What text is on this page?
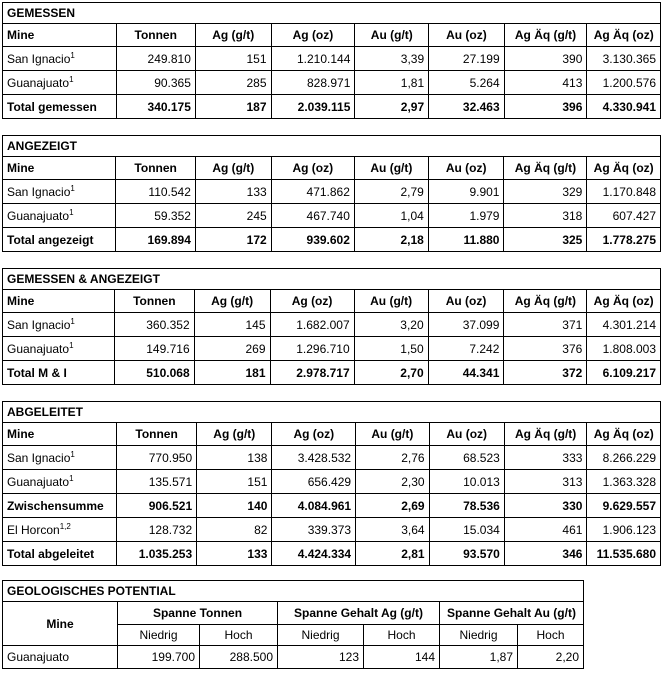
GEMESSEN							
Mine	Tonnen	Ag (g/t)	Ag (oz)	Au (g/t)	Au (oz)	Ag Äq (g/t)	Ag Äq (oz)
San Ignacio$^1$	249.810	151	1.210.144	3,39	27.199	390	3.130.365
Guanajuato$^1$	90.365	285	828.971	1,81	5.264	413	1.200.576
Total gemessen	340.175	187	2.039.115	2,97	32.463	396	4.330.941
ANGEZEIGT							
Mine	Tonnen	Ag (g/t)	Ag (oz)	Au (g/t)	Au (oz)	Ag Äq (g/t)	Ag Äq (oz)
San Ignacio$^1$	110.542	133	471.862	2,79	9.901	329	1.170.848
Guanajuato$^1$	59.352	245	467.740	1,04	1.979	318	607.427
Total angezeigt	169.894	172	939.602	2,18	11.880	325	1.778.275
GEMESSEN & ANGEZEIGT							
Mine	Tonnen	Ag (g/t)	Ag (oz)	Au (g/t)	Au (oz)	Ag Äq (g/t)	Ag Äq (oz)
San Ignacio$^1$	360.352	145	1.682.007	3,20	37.099	371	4.301.214
Guanajuato$^1$	149.716	269	1.296.710	1,50	7.242	376	1.808.003
Total M & I	510.068	181	2.978.717	2,70	44.341	372	6.109.217
ABGELEITET							
Mine	Tonnen	Ag (g/t)	Ag (oz)	Au (g/t)	Au (oz)	Ag Äq (g/t)	Ag Äq (oz)
San Ignacio$^1$	770.950	138	3.428.532	2,76	68.523	333	8.266.229
Guanajuato$^1$	135.571	151	656.429	2,30	10.013	313	1.363.328
Zwischensumme	906.521	140	4.084.961	2,69	78.536	330	9.629.557
El Horcon$^{1,2}$	128.732	82	339.373	3,64	15.034	461	1.906.123
Total abgeleitet	1.035.253	133	4.424.334	2,81	93.570	346	11.535.680
GEOLOGISCHES POTENTIAL						
Mine	Spanne Tonnen		Spanne Gehalt Ag (g/t)		Spanne Gehalt Au (g/t)	
	Niedrig	Hoch	Niedrig	Hoch	Niedrig	Hoch
Guanajuato	199.700	288.500	123	144	1,87	2,20
